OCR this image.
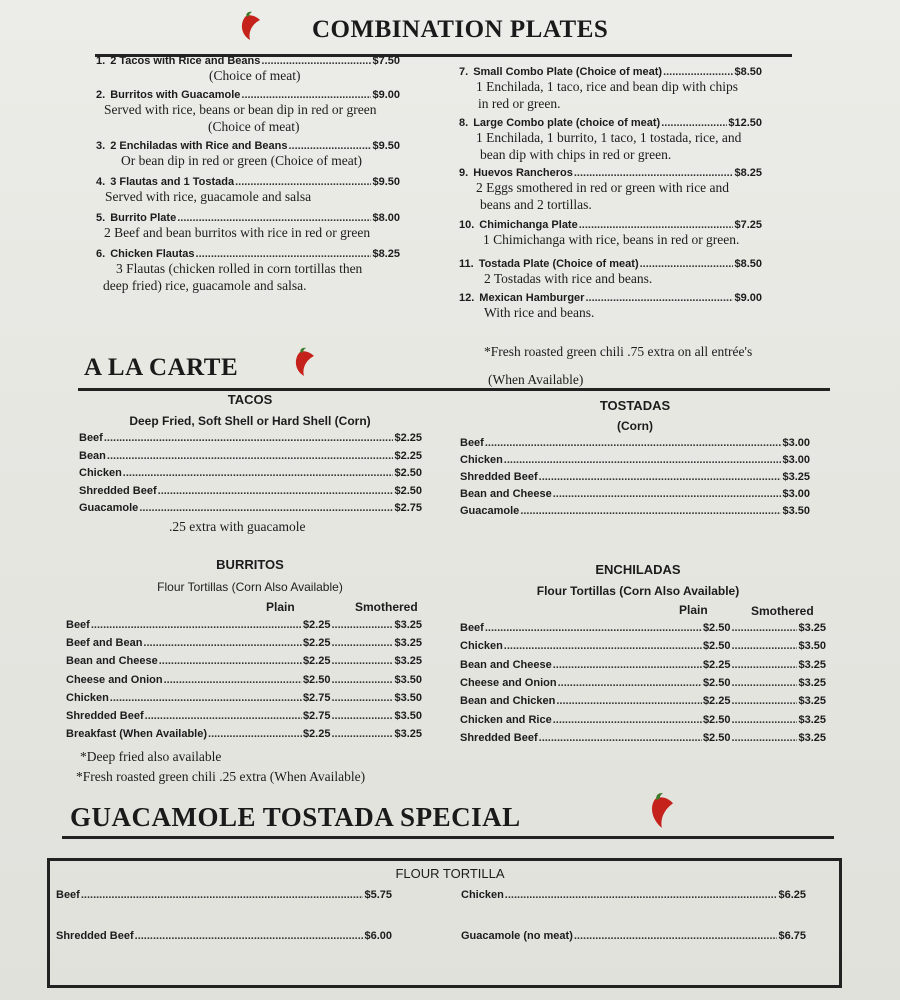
COMBINATION PLATES
1. 2 Tacos with Rice and Beans .....	$7.50
(Choice of meat)
2. Burritos with Guacamole .....	$9.00
Served with rice, beans or bean dip in red or green
(Choice of meat)
3. 2 Enchiladas with Rice and Beans .....	$9.50
Or bean dip in red or green (Choice of meat)
4. 3 Flautas and 1 Tostada .....	$9.50
Served with rice, guacamole and salsa
5. Burrito Plate .....	$8.00
2 Beef and bean burritos with rice in red or green
6. Chicken Flautas .....	$8.25
3 Flautas (chicken rolled in corn tortillas then
deep fried) rice, guacamole and salsa.
7. Small Combo Plate (Choice of meat) .....	$8.50
1 Enchilada, 1 taco, rice and bean dip with chips
in red or green.
8. Large Combo plate (choice of meat) .....	$12.50
1 Enchilada, 1 burrito, 1 taco, 1 tostada, rice, and
bean dip with chips in red or green.
9. Huevos Rancheros .....	$8.25
2 Eggs smothered in red or green with rice and
beans and 2 tortillas.
10. Chimichanga Plate .....	$7.25
1 Chimichanga with rice, beans in red or green.
11. Tostada Plate (Choice of meat) .....	$8.50
2 Tostadas with rice and beans.
12. Mexican Hamburger .....	$9.00
With rice and beans.
*Fresh roasted green chili .75 extra on all entrée's
(When Available)
A LA CARTE
TACOS
Deep Fried, Soft Shell or Hard Shell (Corn)
Beef .....	$2.25
Bean .....	$2.25
Chicken .....	$2.50
Shredded Beef .....	$2.50
Guacamole .....	$2.75
.25 extra with guacamole
TOSTADAS
(Corn)
Beef .....	$3.00
Chicken .....	$3.00
Shredded Beef .....	$3.25
Bean and Cheese .....	$3.00
Guacamole .....	$3.50
BURRITOS
Flour Tortillas (Corn Also Available)
Plain	Smothered
Beef .....	$2.25 .....	$3.25
Beef and Bean .....	$2.25 .....	$3.25
Bean and Cheese .....	$2.25 .....	$3.25
Cheese and Onion .....	$2.50 .....	$3.50
Chicken .....	$2.75 .....	$3.50
Shredded Beef .....	$2.75 .....	$3.50
Breakfast (When Available) .....	$2.25 .....	$3.25
*Deep fried also available
*Fresh roasted green chili .25 extra (When Available)
ENCHILADAS
Flour Tortillas (Corn Also Available)
Plain	Smothered
Beef .....	$2.50 .....	$3.25
Chicken .....	$2.50 .....	$3.50
Bean and Cheese .....	$2.25 .....	$3.25
Cheese and Onion .....	$2.50 .....	$3.25
Bean and Chicken .....	$2.25 .....	$3.25
Chicken and Rice .....	$2.50 .....	$3.25
Shredded Beef .....	$2.50 .....	$3.25
GUACAMOLE TOSTADA SPECIAL
FLOUR TORTILLA
Beef .....	$5.75
Shredded Beef .....	$6.00
Chicken .....	$6.25
Guacamole (no meat) .....	$6.75
